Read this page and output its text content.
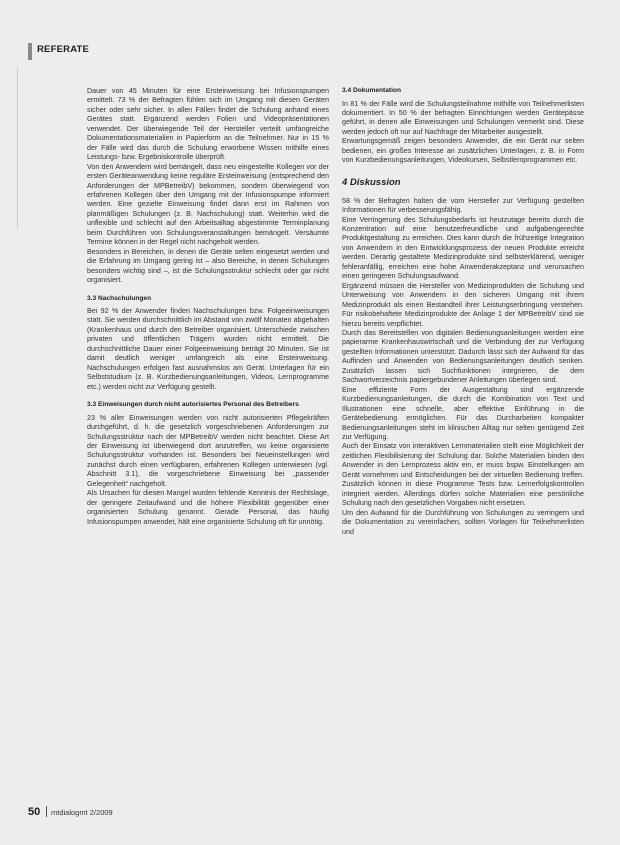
REFERATE

Dauer von 45 Minuten für eine Ersteinweisung bei Infusionspumpen ermittelt. 73 % der Befragten fühlen sich im Umgang mit diesen Geräten sicher oder sehr sicher. In allen Fällen findet die Schulung anhand eines Gerätes statt. Ergänzend werden Folien und Videopräsentationen verwendet. Der überwiegende Teil der Hersteller verteilt umfangreiche Dokumentationsmaterialien in Papierform an die Teilnehmer. Nur in 15 % der Fälle wird das durch die Schulung erworbene Wissen mithilfe eines Leistungs- bzw. Ergebniskontrolle überprüft.

Von den Anwendern wird bemängelt, dass neu eingestellte Kollegen vor der ersten Geräteanwendung keine reguläre Ersteinweisung (entsprechend den Anforderungen der MPBetreibV) bekommen, sondern überwiegend von erfahrenen Kollegen über den Umgang mit der Infusionspumpe informiert werden. Eine gezielte Einweisung findet dann erst im Rahmen von planmäßigen Schulungen (z. B. Nachschulung) statt. Weiterhin wird die unflexible und schlecht auf den Arbeitsalltag abgestimmte Terminplanung beim Durchführen von Schulungsveranstaltungen bemängelt. Versäumte Termine können in der Regel nicht nachgeholt werden.

Besonders in Bereichen, in denen die Geräte selten eingesetzt werden und die Erfahrung im Umgang gering ist – also Bereiche, in denen Schulungen besonders wichtig sind –, ist die Schulungsstruktur schlecht oder gar nicht organisiert.

3.3 Nachschulungen

Bei 92 % der Anwender finden Nachschulungen bzw. Folgeeinweisungen statt. Sie werden durchschnittlich im Abstand von zwölf Monaten abgehalten (Krankenhaus und durch den Betreiber organisiert. Unterschiede zwischen privaten und öffentlichen Trägern wurden nicht ermittelt. Die durchschnittliche Dauer einer Folgeeinweisung beträgt 20 Minuten. Sie ist damit deutlich weniger umfangreich als eine Ersteinweisung. Nachschulungen erfolgen fast ausnahmslos am Gerät. Unterlagen für ein Selbststudium (z. B. Kurzbedienungsanleitungen, Videos, Lernprogramme etc.) werden nicht zur Verfügung gestellt.

3.3 Einweisungen durch nicht autorisiertes Personal des Betreibers

23 % aller Einweisungen werden von nicht autorisierten Pflegekräften durchgeführt, d. h. die gesetzlich vorgeschriebenen Anforderungen zur Schulungsstruktur nach der MPBetreibV werden nicht beachtet. Diese Art der Einweisung ist überwiegend dort anzutreffen, wo keine organisierte Schulungsstruktur vorhanden ist. Besonders bei Neueinstellungen wird zunächst durch einen verfügbaren, erfahrenen Kollegen unterwiesen (vgl. Abschnitt 3.1), die vorgeschriebene Einweisung bei „passender Gelegenheit“ nachgeholt.

Als Ursachen für diesen Mangel wurden fehlende Kenntnis der Rechtslage, der geringere Zeitaufwand und die höhere Flexibilität gegenüber einer organisierten Schulung genannt. Gerade Personal, das häufig Infusionspumpen anwendet, hält eine organisierte Schulung oft für unnötig.

3.4 Dokumentation

In 81 % der Fälle wird die Schulungsteilnahme mithilfe von Teilnehmerlisten dokumentiert. In 50 % der befragten Einrichtungen werden Gerätepässe geführt, in denen alle Einweisungen und Schulungen vermerkt sind. Diese werden jedoch oft nur auf Nachfrage der Mitarbeiter ausgestellt.

Erwartungsgemäß zeigen besonders Anwender, die ein Gerät nur selten bedienen, ein großes Interesse an zusätzlichen Unterlagen, z. B. in Form von Kurzbedienungsanleitungen, Videokursen, Selbstlernprogrammen etc.

4 Diskussion

58 % der Befragten halten die vom Hersteller zur Verfügung gestellten Informationen für verbesserungsfähig.

Eine Verringerung des Schulungsbedarfs ist heutzutage bereits durch die Konzentration auf eine benutzerfreundliche und aufgabengerechte Produktgestaltung zu erreichen. Dies kann durch die frühzeitige Integration von Anwendern in den Entwicklungsprozess der neuen Produkte erreicht werden. Derartig gestaltete Medizinprodukte sind selbsterklärend, weniger fehleranfällig, erreichen eine hohe Anwenderakzeptanz und verursachen einen geringeren Schulungsaufwand.

Ergänzend müssen die Hersteller von Medizinprodukten die Schulung und Unterweisung von Anwendern in den sicheren Umgang mit ihrem Medizinprodukt als einen Bestandteil ihrer Leistungserbringung verstehen. Für risikobehaftete Medizinprodukte der Anlage 1 der MPBetreibV sind sie hierzu bereits verpflichtet.

Durch das Bereitstellen von digitalen Bedienungsanleitungen werden eine papierarme Krankenhauswirtschaft und die Verbindung der zur Verfügung gestellten Informationen unterstützt. Dadurch lässt sich der Aufwand für das Auffinden und Anwenden von Bedienungsanleitungen deutlich senken. Zusätzlich lassen sich Suchfunktionen integrieren, die dem Sachwortverzeichnis papiergebundener Anleitungen überlegen sind.

Eine effiziente Form der Ausgestaltung sind ergänzende Kurzbedienungsanleitungen, die durch die Kombination von Text und Illustrationen eine schnelle, aber effektive Einführung in die Gerätebedienung ermöglichen. Für das Durcharbeiten kompakter Bedienungsanleitungen steht im klinischen Alltag nur selten genügend Zeit zur Verfügung.

Auch der Einsatz von interaktiven Lernmaterialien stellt eine Möglichkeit der zeitlichen Flexibilisierung der Schulung dar. Solche Materialien binden den Anwender in den Lernprozess aktiv ein, er muss bspw. Einstellungen am Gerät vornehmen und Entscheidungen bei der virtuellen Bedienung treffen. Zusätzlich können in diese Programme Tests bzw. Lernerfolgskontrollen integriert werden. Allerdings dürfen solche Materialien eine persönliche Schulung nach den gesetzlichen Vorgaben nicht ersetzen.

Um den Aufwand für die Durchführung von Schulungen zu verringern und die Dokumentation zu vereinfachen, sollten Vorlagen für Teilnehmerlisten und

50 mtdialog​mt 2/2009
